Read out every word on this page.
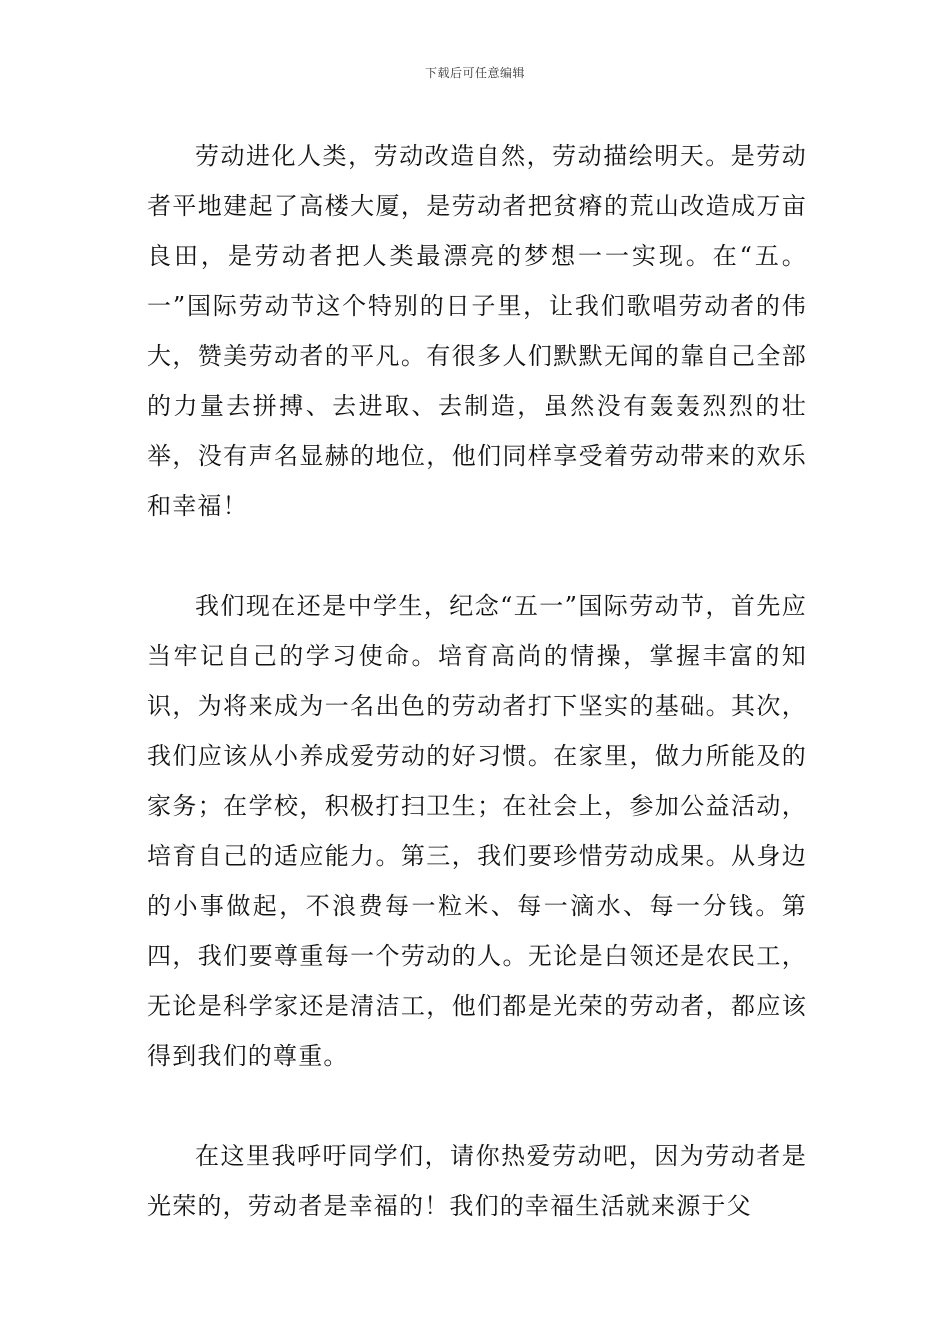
下载后可任意编辑

劳动进化人类，劳动改造自然，劳动描绘明天。是劳动者平地建起了高楼大厦，是劳动者把贫瘠的荒山改造成万亩良田，是劳动者把人类最漂亮的梦想一一实现。在“五。一”国际劳动节这个特别的日子里，让我们歌唱劳动者的伟大，赞美劳动者的平凡。有很多人们默默无闻的靠自己全部的力量去拼搏、去进取、去制造，虽然没有轰轰烈烈的壮举，没有声名显赫的地位，他们同样享受着劳动带来的欢乐和幸福！

我们现在还是中学生，纪念“五一”国际劳动节，首先应当牢记自己的学习使命。培育高尚的情操，掌握丰富的知识，为将来成为一名出色的劳动者打下坚实的基础。其次，我们应该从小养成爱劳动的好习惯。在家里，做力所能及的家务；在学校，积极打扫卫生；在社会上，参加公益活动，培育自己的适应能力。第三，我们要珍惜劳动成果。从身边的小事做起，不浪费每一粒米、每一滴水、每一分钱。第四，我们要尊重每一个劳动的人。无论是白领还是农民工，无论是科学家还是清洁工，他们都是光荣的劳动者，都应该得到我们的尊重。

在这里我呼吁同学们，请你热爱劳动吧，因为劳动者是光荣的，劳动者是幸福的！我们的幸福生活就来源于父
